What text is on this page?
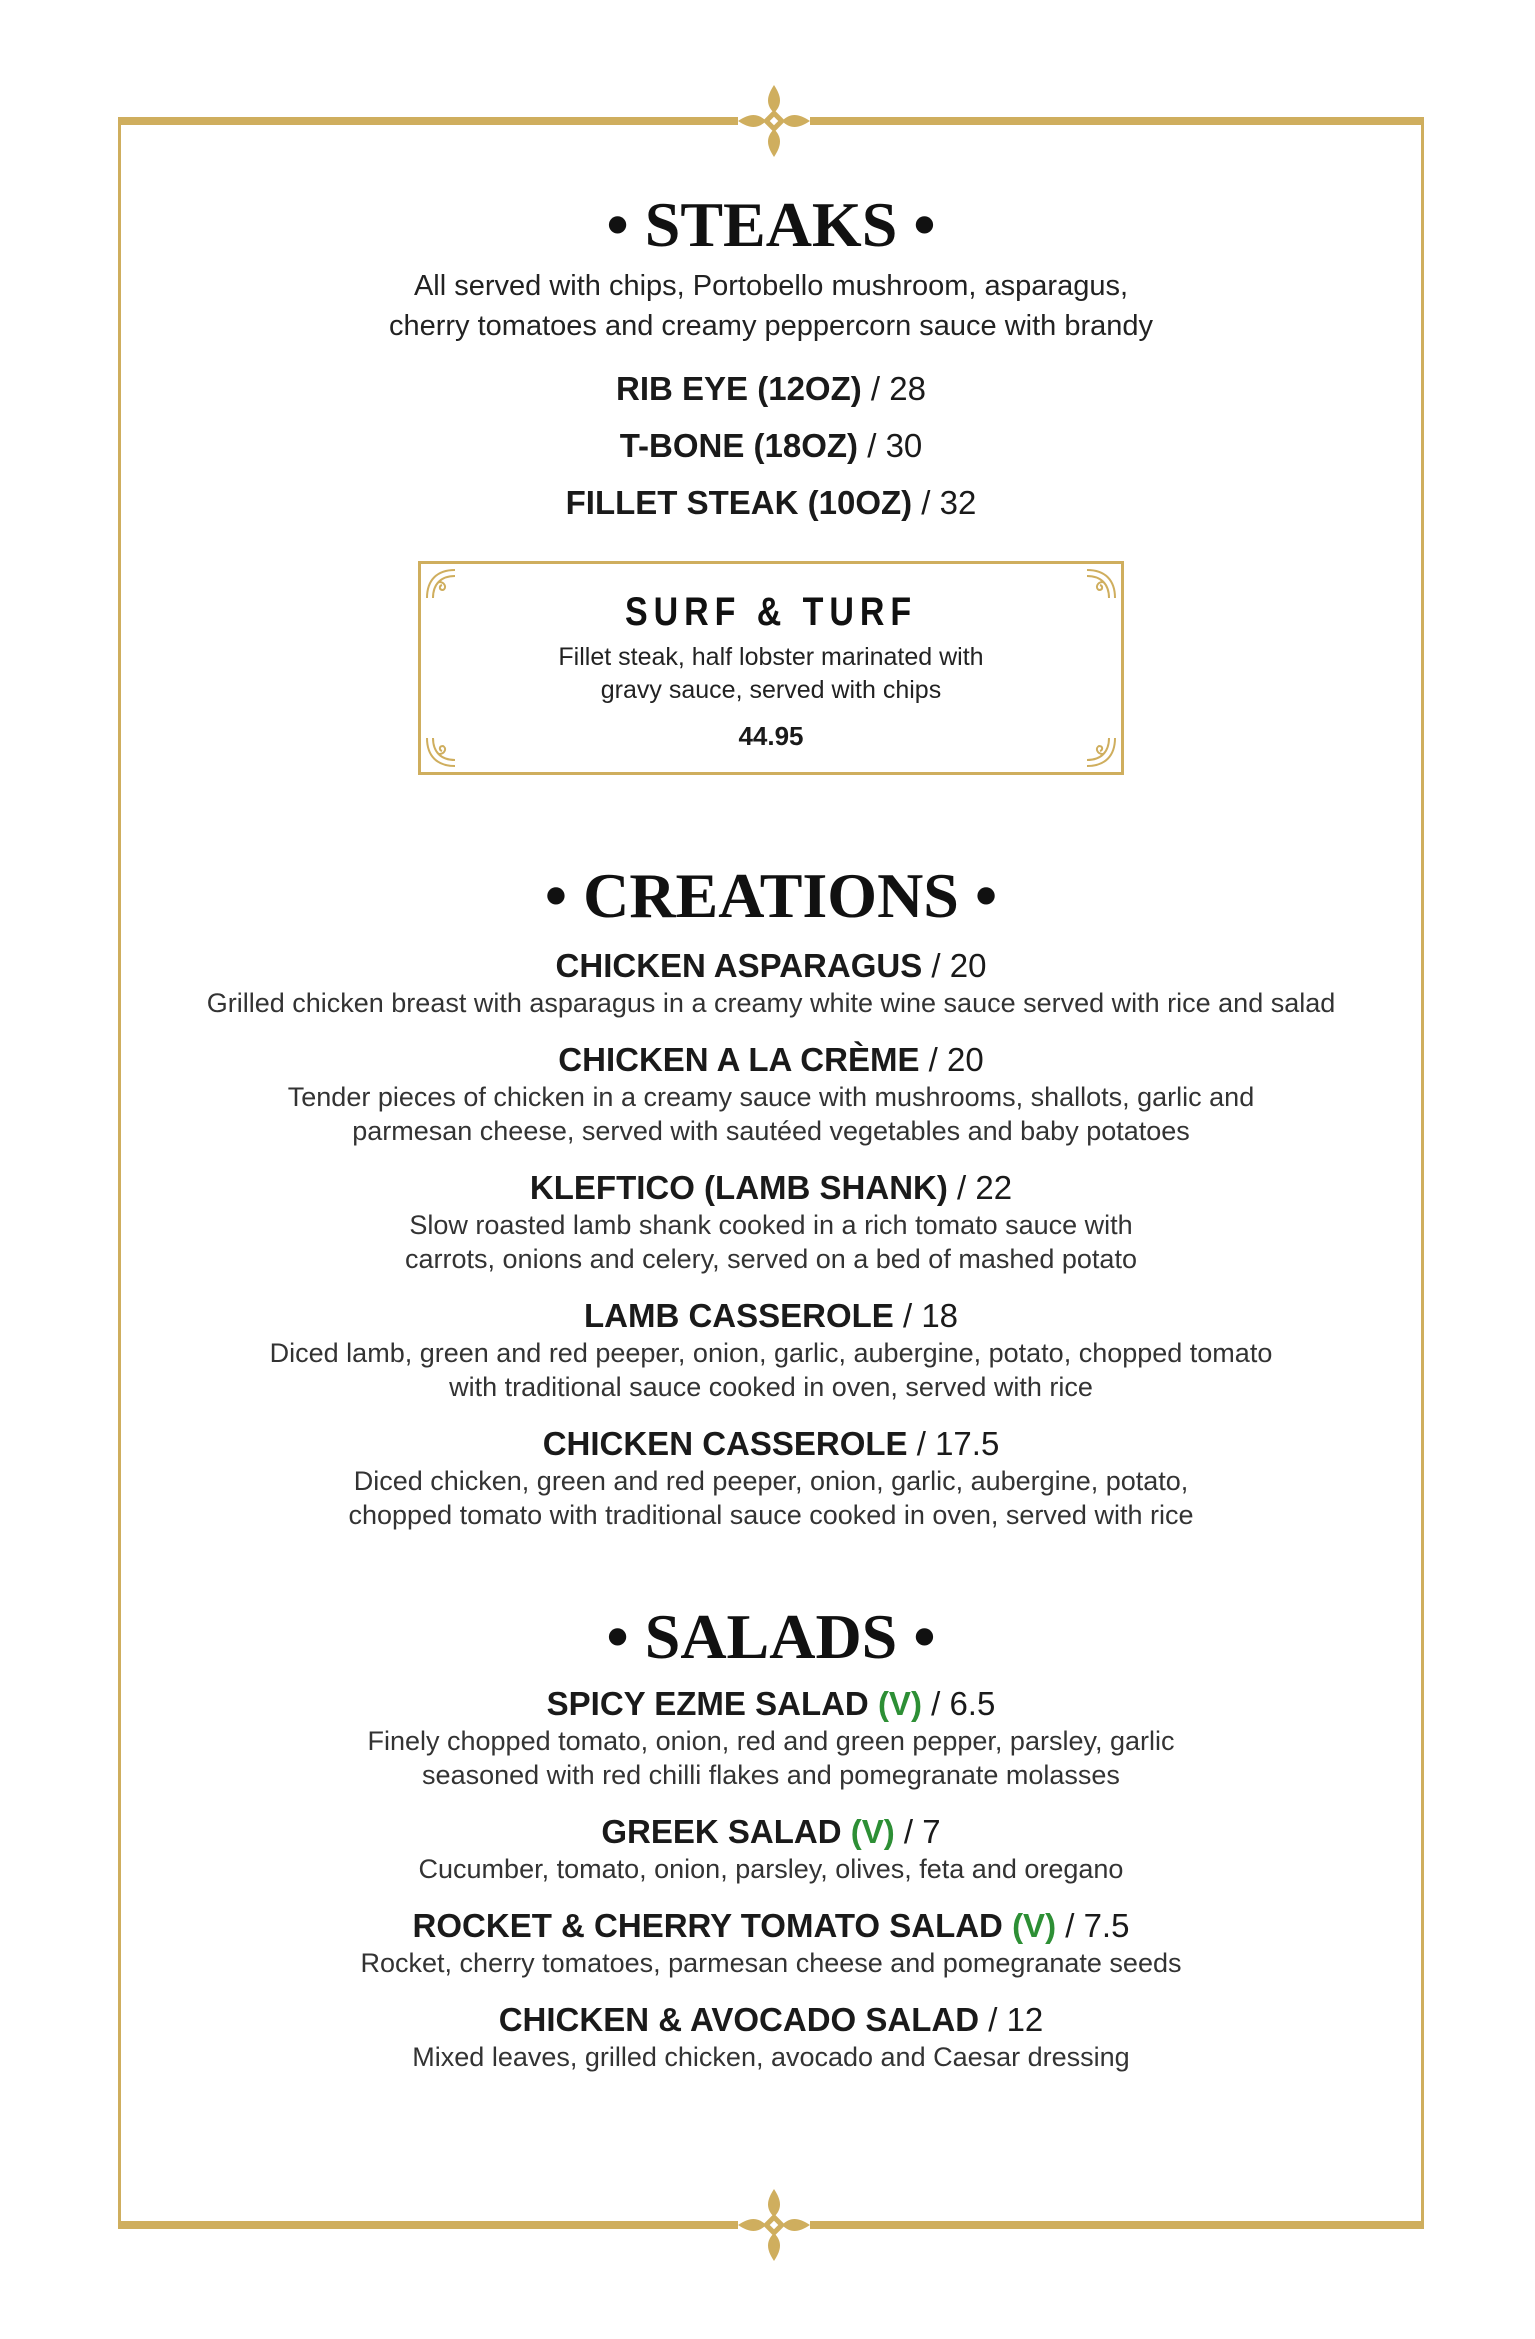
• STEAKS •
All served with chips, Portobello mushroom, asparagus,
cherry tomatoes and creamy peppercorn sauce with brandy
RIB EYE (12OZ) / 28
T-BONE (18OZ) / 30
FILLET STEAK (10OZ) / 32
SURF & TURF
Fillet steak, half lobster marinated with
gravy sauce, served with chips
44.95
• CREATIONS •
CHICKEN ASPARAGUS / 20
Grilled chicken breast with asparagus in a creamy white wine sauce served with rice and salad
CHICKEN A LA CRÈME / 20
Tender pieces of chicken in a creamy sauce with mushrooms, shallots, garlic and
parmesan cheese, served with sautéed vegetables and baby potatoes
KLEFTICO (LAMB SHANK) / 22
Slow roasted lamb shank cooked in a rich tomato sauce with
carrots, onions and celery, served on a bed of mashed potato
LAMB CASSEROLE / 18
Diced lamb, green and red peeper, onion, garlic, aubergine, potato, chopped tomato
with traditional sauce cooked in oven, served with rice
CHICKEN CASSEROLE / 17.5
Diced chicken, green and red peeper, onion, garlic, aubergine, potato,
chopped tomato with traditional sauce cooked in oven, served with rice
• SALADS •
SPICY EZME SALAD (V) / 6.5
Finely chopped tomato, onion, red and green pepper, parsley, garlic
seasoned with red chilli flakes and pomegranate molasses
GREEK SALAD (V) / 7
Cucumber, tomato, onion, parsley, olives, feta and oregano
ROCKET & CHERRY TOMATO SALAD (V) / 7.5
Rocket, cherry tomatoes, parmesan cheese and pomegranate seeds
CHICKEN & AVOCADO SALAD / 12
Mixed leaves, grilled chicken, avocado and Caesar dressing
